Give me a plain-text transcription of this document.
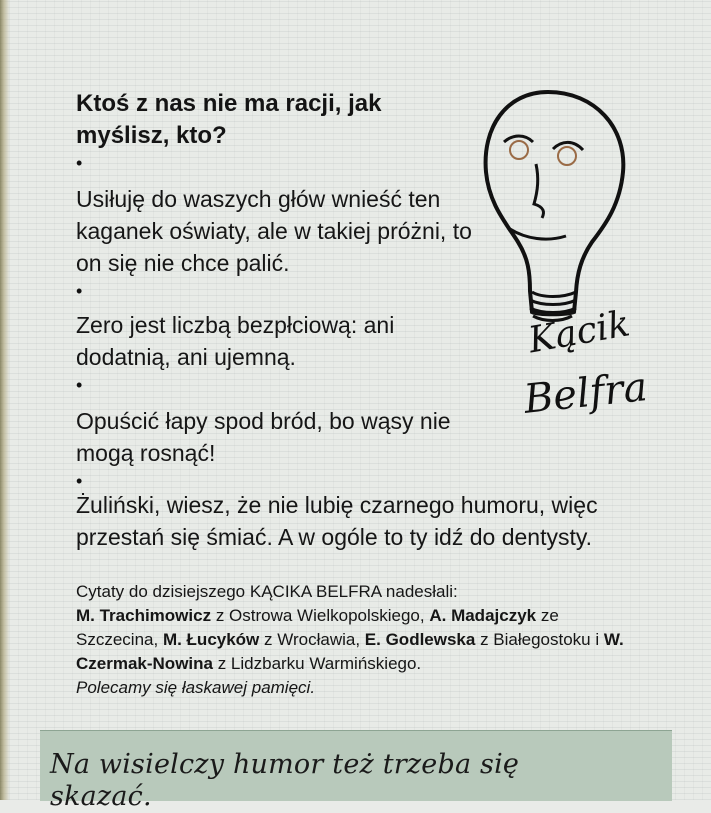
Ktoś z nas nie ma racji, jak myślisz, kto?
•
Usiłuję do waszych głów wnieść ten kaganek oświaty, ale w takiej próżni, to on się nie chce palić.
•
Zero jest liczbą bezpłciową: ani dodatnią, ani ujemną.
•
Opuścić łapy spod bród, bo wąsy nie mogą rosnąć!
•
Żuliński, wiesz, że nie lubię czarnego humoru, więc przestań się śmiać. A w ogóle to ty idź do dentysty.
Cytaty do dzisiejszego KĄCIKA BELFRA nadesłali:
M. Trachimowicz z Ostrowa Wielkopolskiego, A. Madajczyk ze Szczecina, M. Łucyków z Wrocławia, E. Godlewska z Białegostoku i W. Czermak-Nowina z Lidzbarku Warmińskiego.
Polecamy się łaskawej pamięci.
Kącik
Belfra
Na wisielczy humor też trzeba się skazać.
